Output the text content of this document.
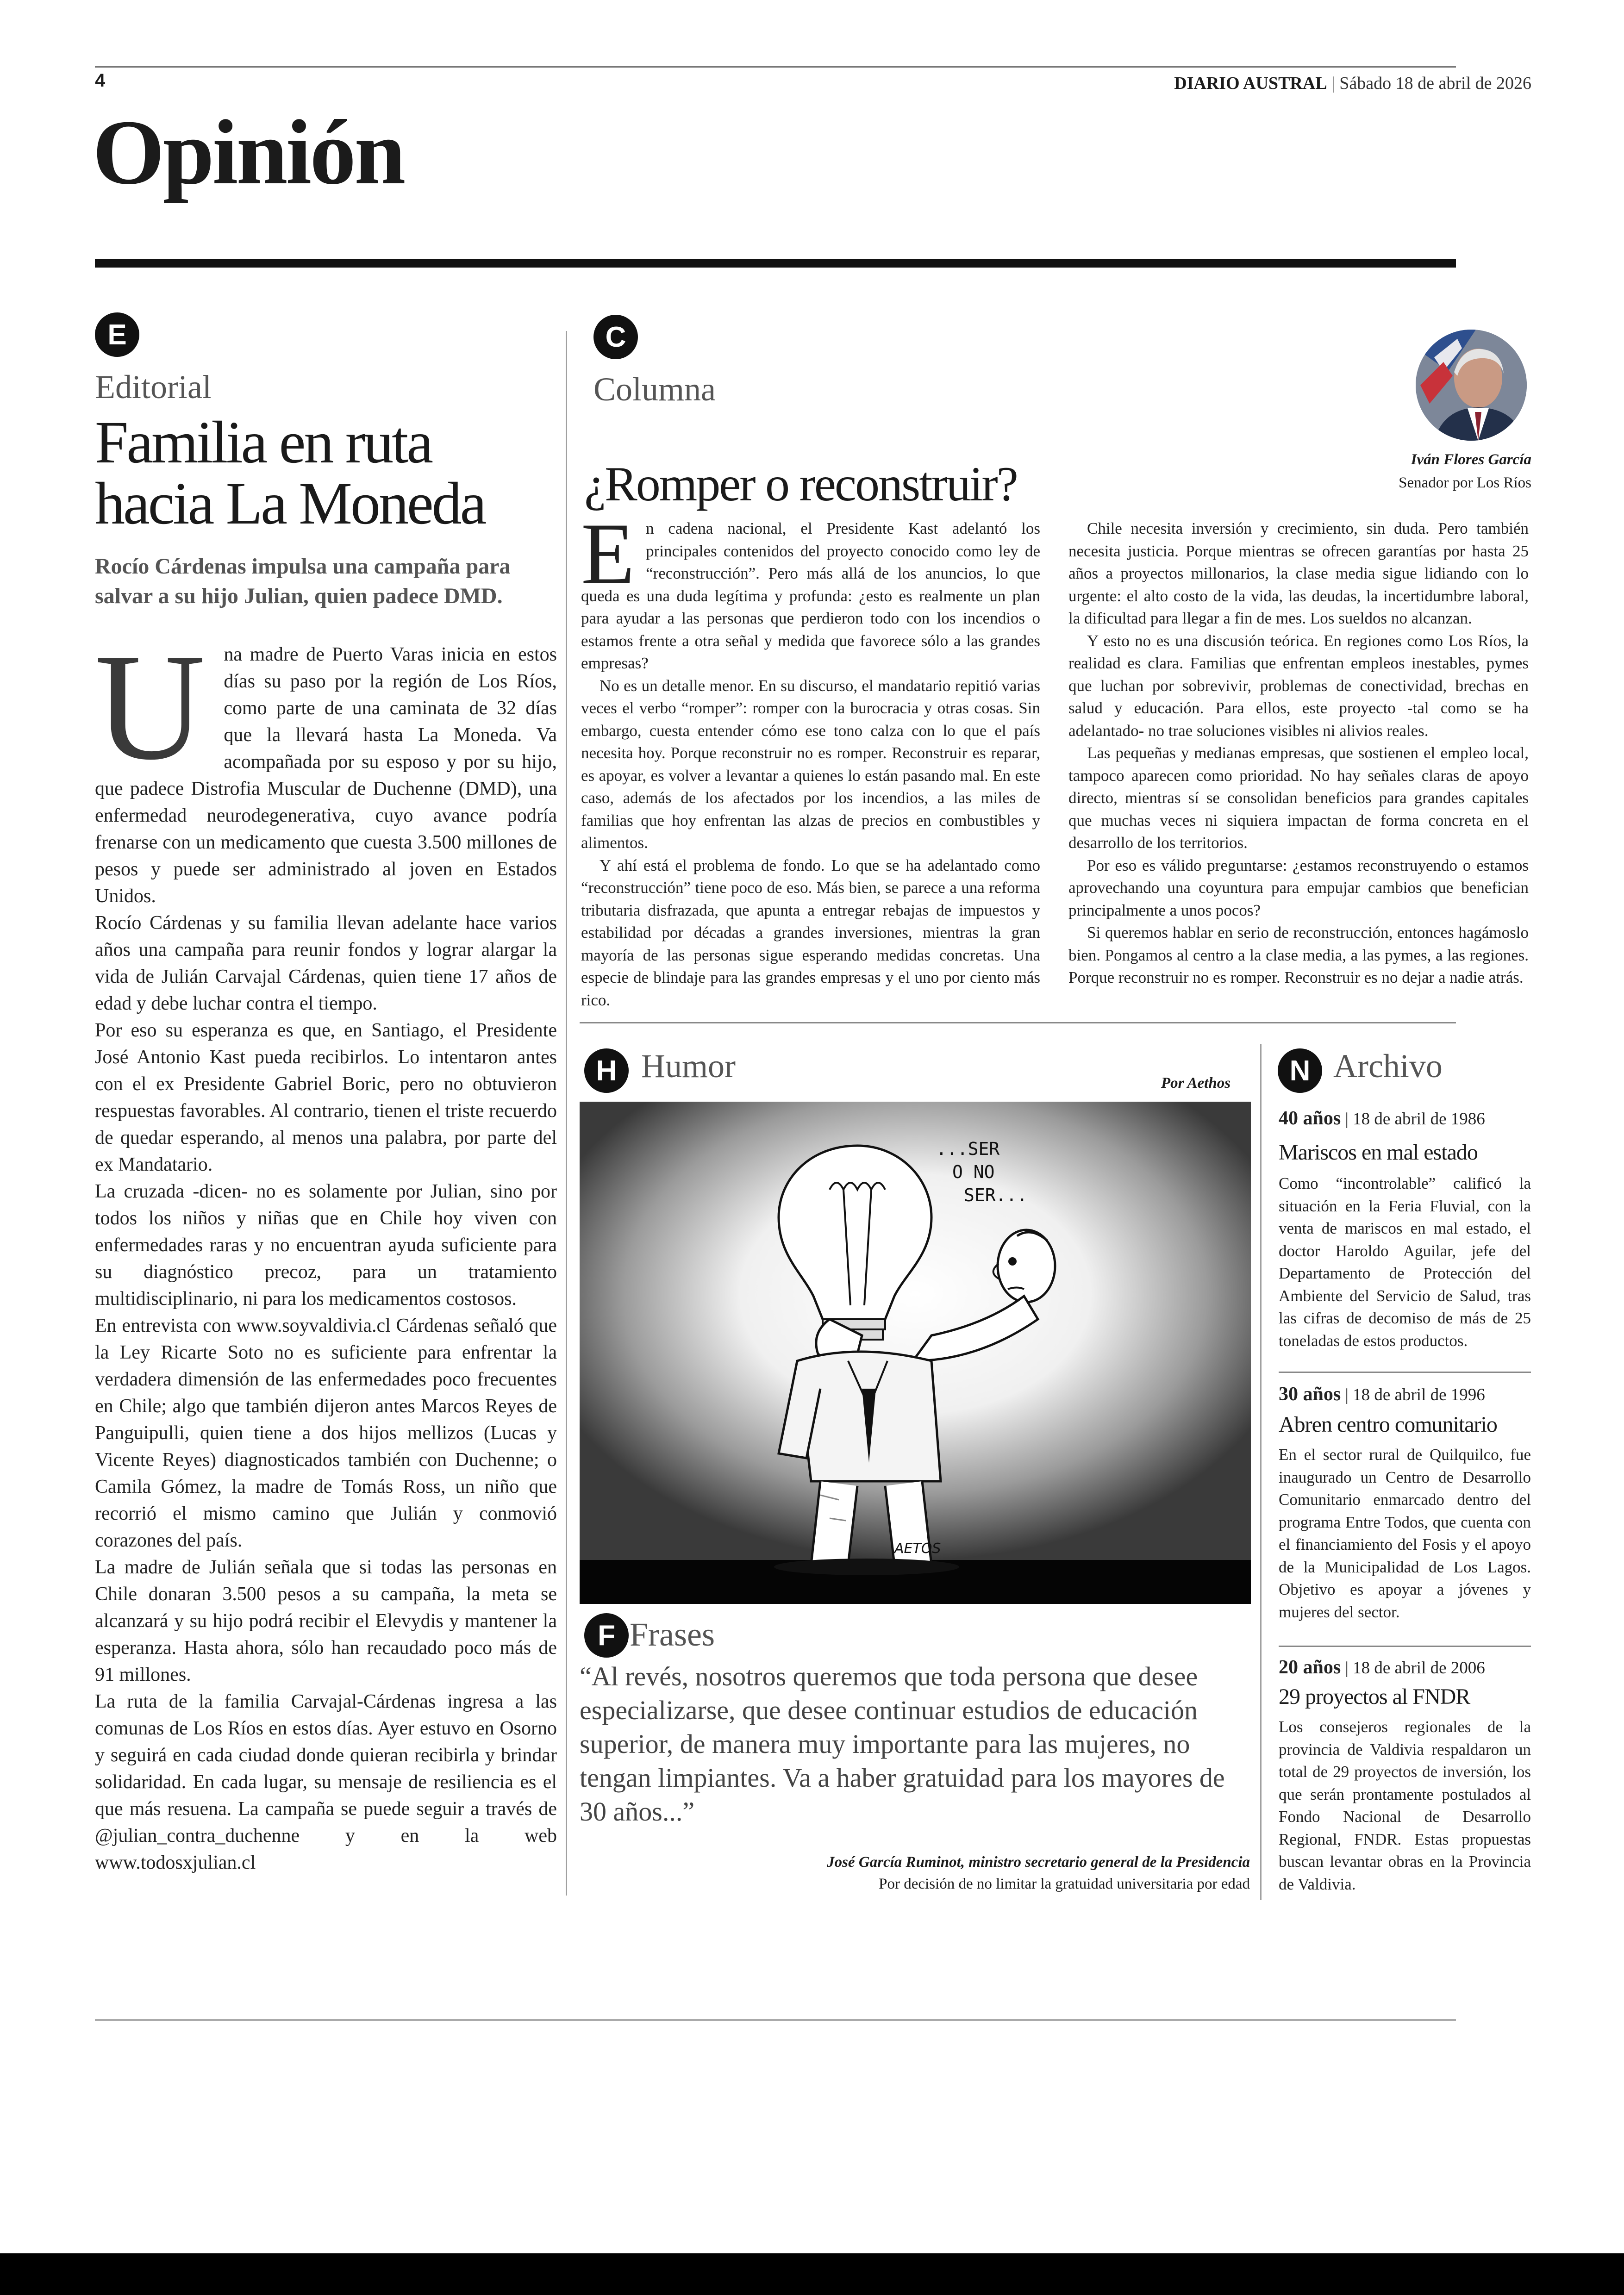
4	DIARIO AUSTRAL | Sábado 18 de abril de 2026
Opinión
E
Editorial
Familia en ruta
hacia La Moneda
Rocío Cárdenas impulsa una campaña para salvar a su hijo Julian, quien padece DMD.
U na madre de Puerto Varas inicia en estos días su paso por la región de Los Ríos, como parte de una caminata de 32 días que la llevará hasta La Moneda. Va acompañada por su esposo y por su hijo, que padece Distrofia Muscular de Duchenne (DMD), una enfermedad neurodegenerativa, cuyo avance podría frenarse con un medicamento que cuesta 3.500 millones de pesos y puede ser administrado al joven en Estados Unidos.

Rocío Cárdenas y su familia llevan adelante hace varios años una campaña para reunir fondos y lograr alargar la vida de Julián Carvajal Cárdenas, quien tiene 17 años de edad y debe luchar contra el tiempo.

Por eso su esperanza es que, en Santiago, el Presidente José Antonio Kast pueda recibirlos. Lo intentaron antes con el ex Presidente Gabriel Boric, pero no obtuvieron respuestas favorables. Al contrario, tienen el triste recuerdo de quedar esperando, al menos una palabra, por parte del ex Mandatario.

La cruzada -dicen- no es solamente por Julian, sino por todos los niños y niñas que en Chile hoy viven con enfermedades raras y no encuentran ayuda suficiente para su diagnóstico precoz, para un tratamiento multidisciplinario, ni para los medicamentos costosos.

En entrevista con www.soyvaldivia.cl Cárdenas señaló que la Ley Ricarte Soto no es suficiente para enfrentar la verdadera dimensión de las enfermedades poco frecuentes en Chile; algo que también dijeron antes Marcos Reyes de Panguipulli, quien tiene a dos hijos mellizos (Lucas y Vicente Reyes) diagnosticados también con Duchenne; o Camila Gómez, la madre de Tomás Ross, un niño que recorrió el mismo camino que Julián y conmovió corazones del país.

La madre de Julián señala que si todas las personas en Chile donaran 3.500 pesos a su campaña, la meta se alcanzará y su hijo podrá recibir el Elevydis y mantener la esperanza. Hasta ahora, sólo han recaudado poco más de 91 millones.

La ruta de la familia Carvajal-Cárdenas ingresa a las comunas de Los Ríos en estos días. Ayer estuvo en Osorno y seguirá en cada ciudad donde quieran recibirla y brindar solidaridad. En cada lugar, su mensaje de resiliencia es el que más resuena. La campaña se puede seguir a través de @julian_contra_duchenne y en la web www.todosxjulian.cl

C
Columna
¿Romper o reconstruir?	Iván Flores García
Senador por Los Ríos
E n cadena nacional, el Presidente Kast adelantó los principales contenidos del proyecto conocido como ley de “reconstrucción”. Pero más allá de los anuncios, lo que queda es una duda legítima y profunda: ¿esto es realmente un plan para ayudar a las personas que perdieron todo con los incendios o estamos frente a otra señal y medida que favorece sólo a las grandes empresas?

No es un detalle menor. En su discurso, el mandatario repitió varias veces el verbo “romper”: romper con la burocracia y otras cosas. Sin embargo, cuesta entender cómo ese tono calza con lo que el país necesita hoy. Porque reconstruir no es romper. Reconstruir es reparar, es apoyar, es volver a levantar a quienes lo están pasando mal. En este caso, además de los afectados por los incendios, a las miles de familias que hoy enfrentan las alzas de precios en combustibles y alimentos.

Y ahí está el problema de fondo. Lo que se ha adelantado como “reconstrucción” tiene poco de eso. Más bien, se parece a una reforma tributaria disfrazada, que apunta a entregar rebajas de impuestos y estabilidad por décadas a grandes inversiones, mientras la gran mayoría de las personas sigue esperando medidas concretas. Una especie de blindaje para las grandes empresas y el uno por ciento más rico.

Chile necesita inversión y crecimiento, sin duda. Pero también necesita justicia. Porque mientras se ofrecen garantías por hasta 25 años a proyectos millonarios, la clase media sigue lidiando con lo urgente: el alto costo de la vida, las deudas, la incertidumbre laboral, la dificultad para llegar a fin de mes. Los sueldos no alcanzan.

Y esto no es una discusión teórica. En regiones como Los Ríos, la realidad es clara. Familias que enfrentan empleos inestables, pymes que luchan por sobrevivir, problemas de conectividad, brechas en salud y educación. Para ellos, este proyecto -tal como se ha adelantado- no trae soluciones visibles ni alivios reales.

Las pequeñas y medianas empresas, que sostienen el empleo local, tampoco aparecen como prioridad. No hay señales claras de apoyo directo, mientras sí se consolidan beneficios para grandes capitales que muchas veces ni siquiera impactan de forma concreta en el desarrollo de los territorios.

Por eso es válido preguntarse: ¿estamos reconstruyendo o estamos aprovechando una coyuntura para empujar cambios que benefician principalmente a unos pocos?

Si queremos hablar en serio de reconstrucción, entonces hagámoslo bien. Pongamos al centro a la clase media, a las pymes, a las regiones. Porque reconstruir no es romper. Reconstruir es no dejar a nadie atrás.

H Humor	Por Aethos
...SER
O NO
SER...
AETOS
F Frases
“Al revés, nosotros queremos que toda persona que desee especializarse, que desee continuar estudios de educación superior, de manera muy importante para las mujeres, no tengan limpiantes. Va a haber gratuidad para los mayores de 30 años...”
José García Ruminot, ministro secretario general de la Presidencia
Por decisión de no limitar la gratuidad universitaria por edad
N Archivo
40 años | 18 de abril de 1986
Mariscos en mal estado
Como “incontrolable” calificó la situación en la Feria Fluvial, con la venta de mariscos en mal estado, el doctor Haroldo Aguilar, jefe del Departamento de Protección del Ambiente del Servicio de Salud, tras las cifras de decomiso de más de 25 toneladas de estos productos.
30 años | 18 de abril de 1996
Abren centro comunitario
En el sector rural de Quilquilco, fue inaugurado un Centro de Desarrollo Comunitario enmarcado dentro del programa Entre Todos, que cuenta con el financiamiento del Fosis y el apoyo de la Municipalidad de Los Lagos. Objetivo es apoyar a jóvenes y mujeres del sector.
20 años | 18 de abril de 2006
29 proyectos al FNDR
Los consejeros regionales de la provincia de Valdivia respaldaron un total de 29 proyectos de inversión, los que serán prontamente postulados al Fondo Nacional de Desarrollo Regional, FNDR. Estas propuestas buscan levantar obras en la Provincia de Valdivia.
